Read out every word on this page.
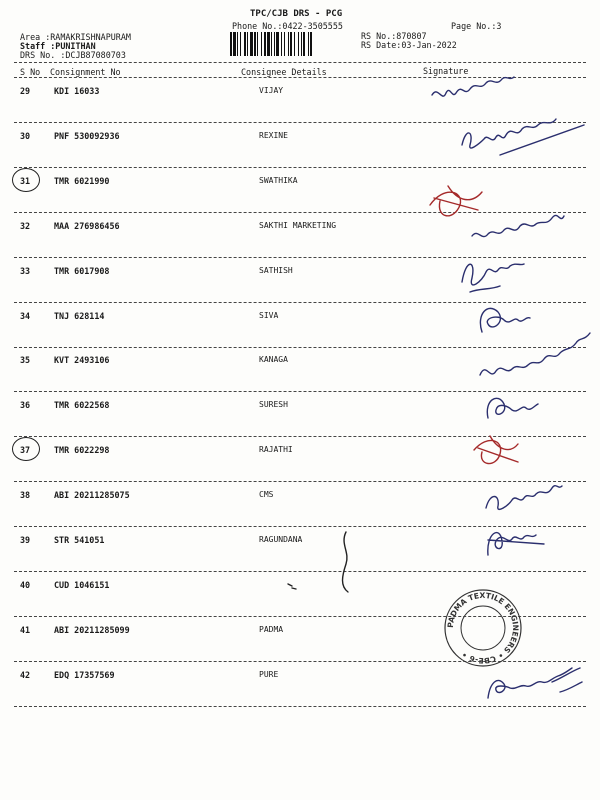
TPC/CJB DRS - PCG
Phone No.:0422-3505555	Page No.:3
Area :RAMAKRISHNAPURAM
Staff :PUNITHAN
DRS No. :DCJB87080703
RS No.:870807
RS Date:03-Jan-2022
S No Consignment No	Consignee Details	Signature
29	KDI 16033	VIJAY
30	PNF 530092936	REXINE
31	TMR 6021990	SWATHIKA
32	MAA 276986456	SAKTHI MARKETING
33	TMR 6017908	SATHISH
34	TNJ 628114	SIVA
35	KVT 2493106	KANAGA
36	TMR 6022568	SURESH
37	TMR 6022298	RAJATHI
38	ABI 20211285075	CMS
39	STR 541051	RAGUNDANA
40	CUD 1046151
41	ABI 20211285099	PADMA
42	EDQ 17357569	PURE
PADMA TEXTILE ENGINEERS • CBE-6 •
